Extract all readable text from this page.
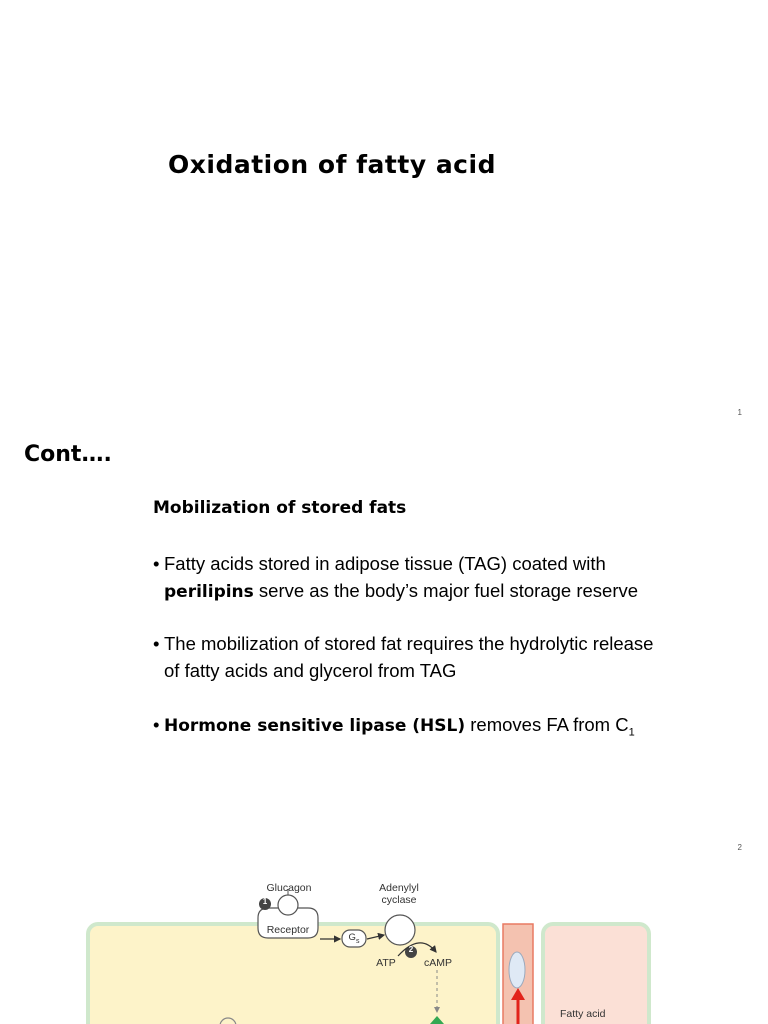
Oxidation of fatty acid
1
Cont….
Mobilization of stored fats
• Fatty acids stored in adipose tissue (TAG) coated with
perilipins serve as the body’s major fuel storage reserve
• The mobilization of stored fat requires the hydrolytic release of fatty acids and glycerol from TAG
• Hormone sensitive lipase (HSL) removes FA from $C_1$
2
Glucagon	Adenylyl
cyclase
Receptor
$G_s$
ATP	cAMP
1
2
Fatty acid
